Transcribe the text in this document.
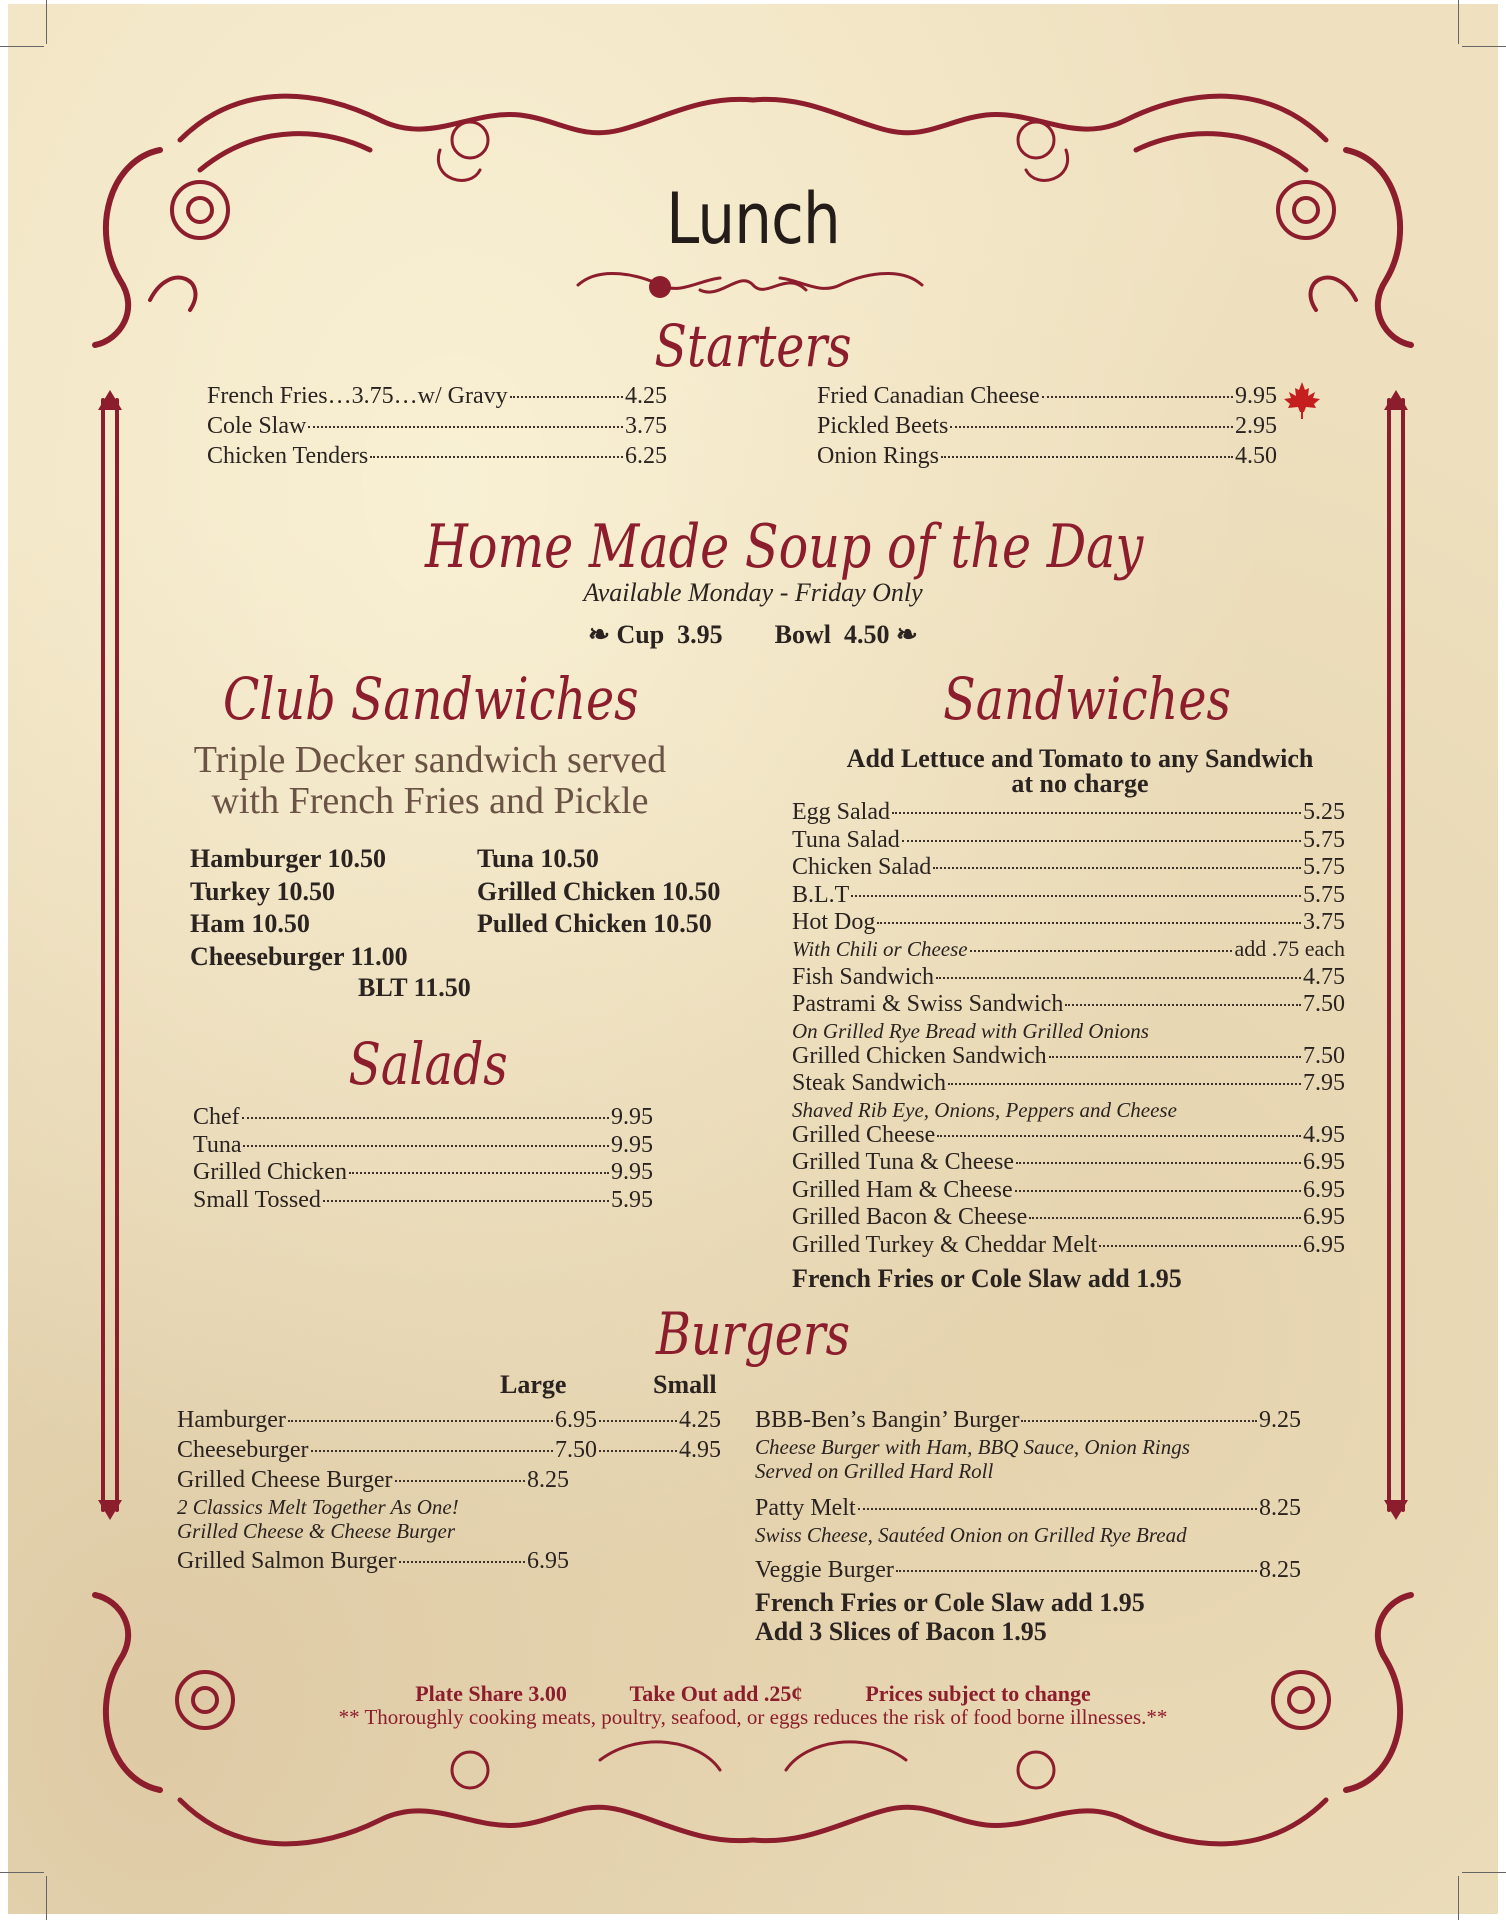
Lunch
Starters
French Fries…3.75…w/ Gravy	4.25
Cole Slaw	3.75
Chicken Tenders	6.25
Fried Canadian Cheese	9.95
Pickled Beets	2.95
Onion Rings	4.50
Home Made Soup of the Day
Available Monday - Friday Only
❧ Cup  3.95 Bowl  4.50 ❧
Club Sandwiches
Triple Decker sandwich served
with French Fries and Pickle
Hamburger 10.50
Turkey 10.50
Ham 10.50
Cheeseburger 11.00
Tuna 10.50
Grilled Chicken 10.50
Pulled Chicken 10.50
BLT 11.50
Salads
Chef	9.95
Tuna	9.95
Grilled Chicken	9.95
Small Tossed	5.95
Sandwiches
Add Lettuce and Tomato to any Sandwich
at no charge
Egg Salad	5.25
Tuna Salad	5.75
Chicken Salad	5.75
B.L.T	5.75
Hot Dog	3.75
With Chili or Cheese	add .75 each
Fish Sandwich	4.75
Pastrami & Swiss Sandwich	7.50
On Grilled Rye Bread with Grilled Onions
Grilled Chicken Sandwich	7.50
Steak Sandwich	7.95
Shaved Rib Eye, Onions, Peppers and Cheese
Grilled Cheese	4.95
Grilled Tuna & Cheese	6.95
Grilled Ham & Cheese	6.95
Grilled Bacon & Cheese	6.95
Grilled Turkey & Cheddar Melt	6.95
French Fries or Cole Slaw add 1.95
Burgers
Large	Small
Hamburger	6.95	4.25
Cheeseburger	7.50	4.95
Grilled Cheese Burger	8.25
2 Classics Melt Together As One!
Grilled Cheese & Cheese Burger
Grilled Salmon Burger	6.95
BBB-Ben’s Bangin’ Burger	9.25
Cheese Burger with Ham, BBQ Sauce, Onion Rings
Served on Grilled Hard Roll
Patty Melt	8.25
Swiss Cheese, Sautéed Onion on Grilled Rye Bread
Veggie Burger	8.25
French Fries or Cole Slaw add 1.95
Add 3 Slices of Bacon 1.95
Plate Share 3.00	Take Out add .25¢	Prices subject to change
** Thoroughly cooking meats, poultry, seafood, or eggs reduces the risk of food borne illnesses.**
